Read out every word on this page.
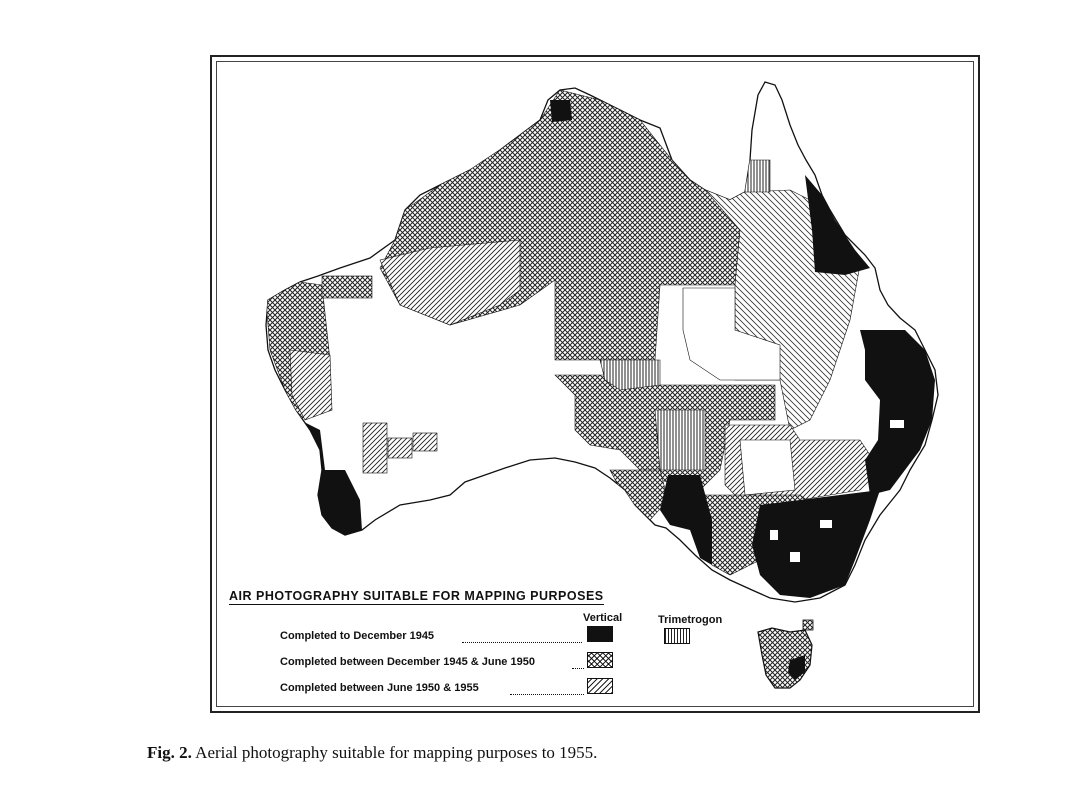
AIR PHOTOGRAPHY SUITABLE FOR MAPPING PURPOSES
Vertical	Trimetrogon
Completed to December 1945
Completed between December 1945 & June 1950
Completed between June 1950 & 1955
Fig. 2. Aerial photography suitable for mapping purposes to 1955.
